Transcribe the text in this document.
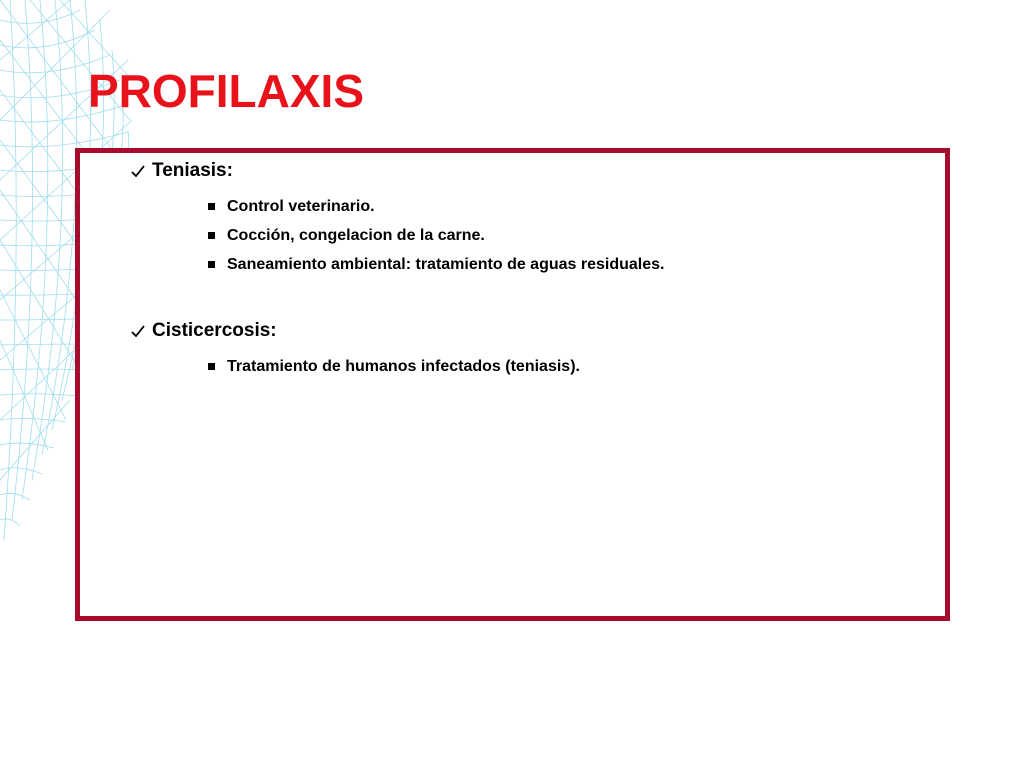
PROFILAXIS
Teniasis:
Control veterinario.
Cocción, congelacion de la carne.
Saneamiento ambiental: tratamiento de aguas residuales.
Cisticercosis:
Tratamiento de humanos infectados (teniasis).
